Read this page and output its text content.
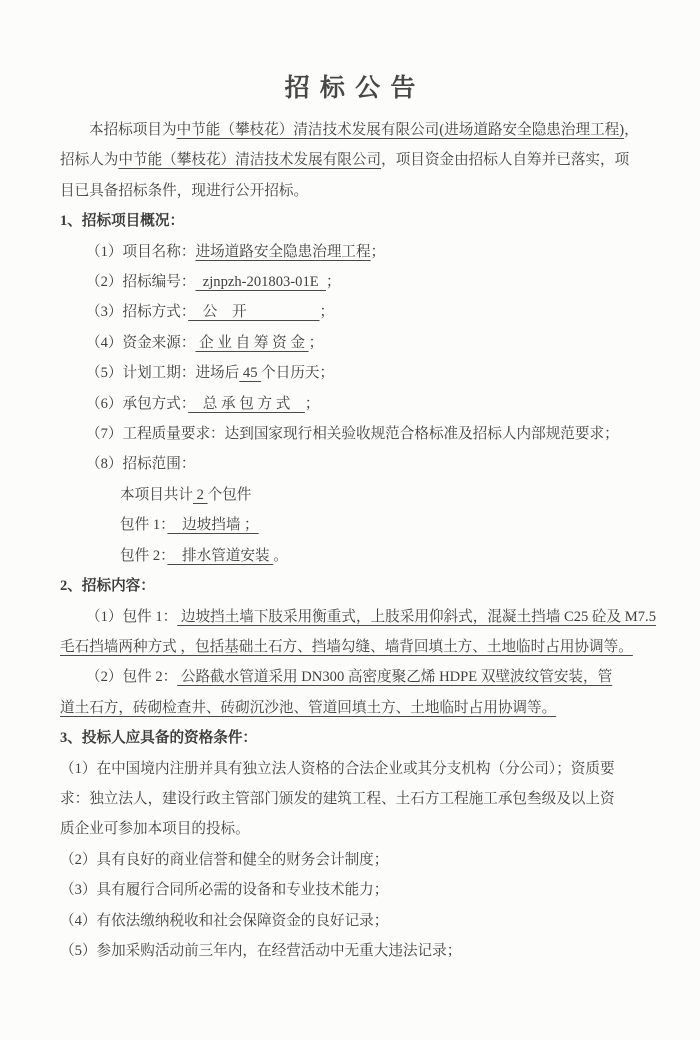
招 标 公 告

本招标项目为中节能（攀枝花）清洁技术发展有限公司(进场道路安全隐患治理工程)，

招标人为中节能（攀枝花）清洁技术发展有限公司，项目资金由招标人自筹并已落实，项

目已具备招标条件，现进行公开招标。

1、招标项目概况：

（1）项目名称：进场道路安全隐患治理工程；

（2）招标编号：  zjnpzh-201803-01E  ；

（3）招标方式：　公　开　　　　　；

（4）资金来源： 企 业 自 筹 资 金 ；

（5）计划工期：进场后 45 个日历天；

（6）承包方式：　总 承 包 方 式　；

（7）工程质量要求：达到国家现行相关验收规范合格标准及招标人内部规范要求；

（8）招标范围：

本项目共计 2 个包件

包件 1：　边坡挡墙 ；

包件 2：　排水管道安装 。

2、招标内容：

（1）包件 1： 边坡挡土墙下肢采用衡重式，上肢采用仰斜式，混凝土挡墙 C25 砼及 M7.5

毛石挡墙两种方式 ，包括基础土石方、挡墙勾缝、墙背回填土方、土地临时占用协调等。

（2）包件 2： 公路截水管道采用 DN300 高密度聚乙烯 HDPE 双壁波纹管安装，管

道土石方，砖砌检查井、砖砌沉沙池、管道回填土方、土地临时占用协调等。

3、投标人应具备的资格条件：

（1）在中国境内注册并具有独立法人资格的合法企业或其分支机构（分公司）；资质要

求：独立法人，建设行政主管部门颁发的建筑工程、土石方工程施工承包叁级及以上资

质企业可参加本项目的投标。

（2）具有良好的商业信誉和健全的财务会计制度；

（3）具有履行合同所必需的设备和专业技术能力；

（4）有依法缴纳税收和社会保障资金的良好记录；

（5）参加采购活动前三年内，在经营活动中无重大违法记录；
